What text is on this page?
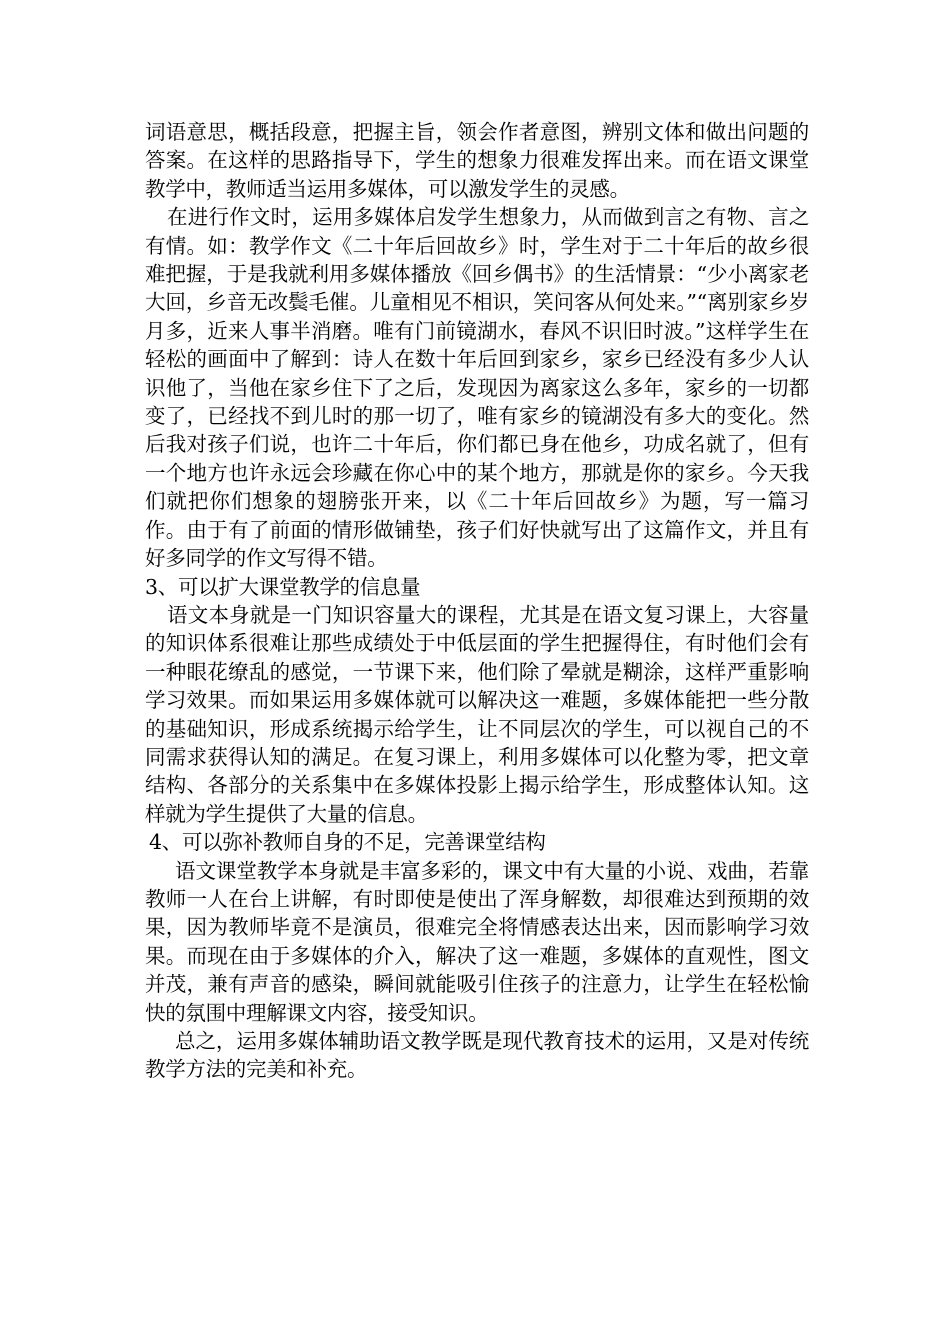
词语意思，概括段意，把握主旨，领会作者意图，辨别文体和做出问题的答案。在这样的思路指导下，学生的想象力很难发挥出来。而在语文课堂教学中，教师适当运用多媒体，可以激发学生的灵感。

在进行作文时，运用多媒体启发学生想象力，从而做到言之有物、言之有情。如：教学作文《二十年后回故乡》时，学生对于二十年后的故乡很难把握，于是我就利用多媒体播放《回乡偶书》的生活情景：“少小离家老大回，乡音无改鬓毛催。儿童相见不相识，笑问客从何处来。”“离别家乡岁月多，近来人事半消磨。唯有门前镜湖水，春风不识旧时波。”这样学生在轻松的画面中了解到：诗人在数十年后回到家乡，家乡已经没有多少人认识他了，当他在家乡住下了之后，发现因为离家这么多年，家乡的一切都变了，已经找不到儿时的那一切了，唯有家乡的镜湖没有多大的变化。然后我对孩子们说，也许二十年后，你们都已身在他乡，功成名就了，但有一个地方也许永远会珍藏在你心中的某个地方，那就是你的家乡。今天我们就把你们想象的翅膀张开来，以《二十年后回故乡》为题，写一篇习作。由于有了前面的情形做铺垫，孩子们好快就写出了这篇作文，并且有好多同学的作文写得不错。

3、可以扩大课堂教学的信息量

语文本身就是一门知识容量大的课程，尤其是在语文复习课上，大容量的知识体系很难让那些成绩处于中低层面的学生把握得住，有时他们会有一种眼花缭乱的感觉，一节课下来，他们除了晕就是糊涂，这样严重影响学习效果。而如果运用多媒体就可以解决这一难题，多媒体能把一些分散的基础知识，形成系统揭示给学生，让不同层次的学生，可以视自己的不同需求获得认知的满足。在复习课上，利用多媒体可以化整为零，把文章结构、各部分的关系集中在多媒体投影上揭示给学生，形成整体认知。这样就为学生提供了大量的信息。

4、可以弥补教师自身的不足，完善课堂结构

语文课堂教学本身就是丰富多彩的，课文中有大量的小说、戏曲，若靠教师一人在台上讲解，有时即使是使出了浑身解数，却很难达到预期的效果，因为教师毕竟不是演员，很难完全将情感表达出来，因而影响学习效果。而现在由于多媒体的介入，解决了这一难题，多媒体的直观性，图文并茂，兼有声音的感染，瞬间就能吸引住孩子的注意力，让学生在轻松愉快的氛围中理解课文内容，接受知识。

总之，运用多媒体辅助语文教学既是现代教育技术的运用，又是对传统教学方法的完美和补充。
